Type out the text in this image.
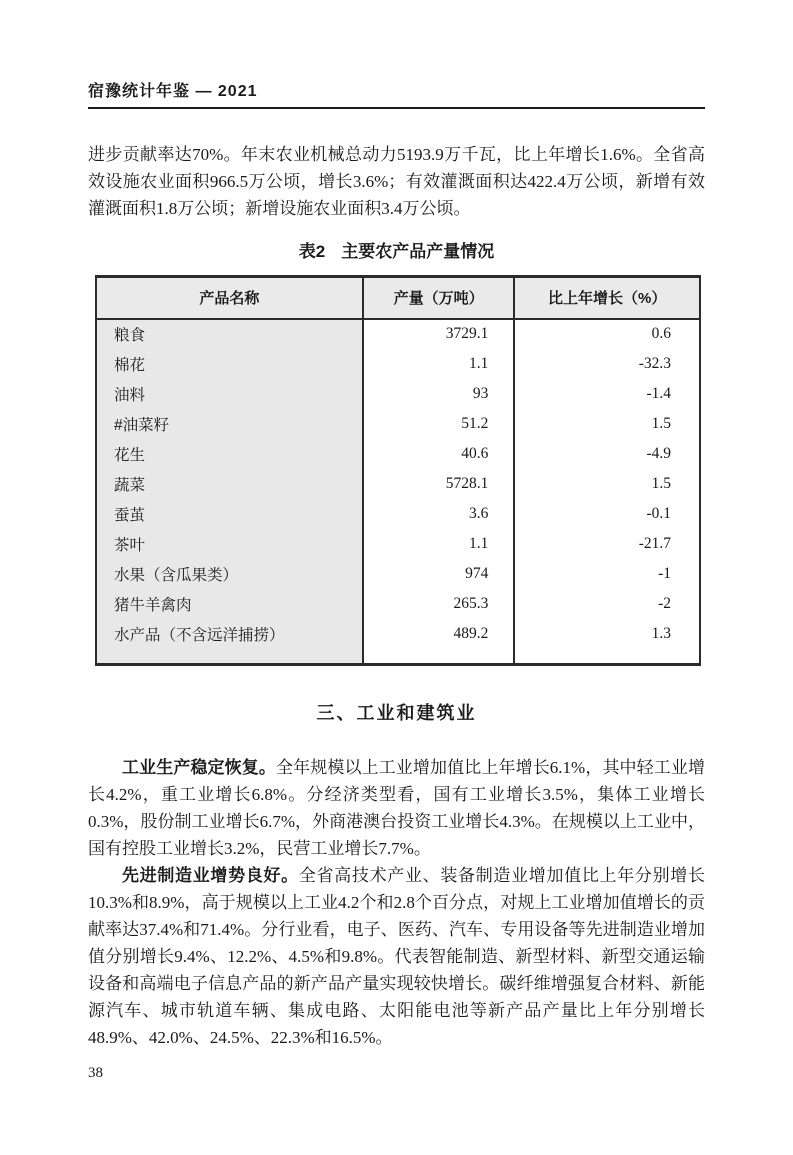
宿豫统计年鉴 — 2021

进步贡献率达70%。年末农业机械总动力5193.9万千瓦，比上年增长1.6%。全省高效设施农业面积966.5万公顷，增长3.6%；有效灌溉面积达422.4万公顷，新增有效灌溉面积1.8万公顷；新增设施农业面积3.4万公顷。

表2 主要农产品产量情况
产品名称	产量（万吨）	比上年增长（%）
粮食	3729.1	0.6
棉花	1.1	-32.3
油料	93	-1.4
#油菜籽	51.2	1.5
花生	40.6	-4.9
蔬菜	5728.1	1.5
蚕茧	3.6	-0.1
茶叶	1.1	-21.7
水果（含瓜果类）	974	-1
猪牛羊禽肉	265.3	-2
水产品（不含远洋捕捞）	489.2	1.3

三、工业和建筑业

工业生产稳定恢复。全年规模以上工业增加值比上年增长6.1%，其中轻工业增长4.2%，重工业增长6.8%。分经济类型看，国有工业增长3.5%，集体工业增长0.3%，股份制工业增长6.7%，外商港澳台投资工业增长4.3%。在规模以上工业中，国有控股工业增长3.2%，民营工业增长7.7%。

先进制造业增势良好。全省高技术产业、装备制造业增加值比上年分别增长10.3%和8.9%，高于规模以上工业4.2个和2.8个百分点，对规上工业增加值增长的贡献率达37.4%和71.4%。分行业看，电子、医药、汽车、专用设备等先进制造业增加值分别增长9.4%、12.2%、4.5%和9.8%。代表智能制造、新型材料、新型交通运输设备和高端电子信息产品的新产品产量实现较快增长。碳纤维增强复合材料、新能源汽车、城市轨道车辆、集成电路、太阳能电池等新产品产量比上年分别增长48.9%、42.0%、24.5%、22.3%和16.5%。

38
